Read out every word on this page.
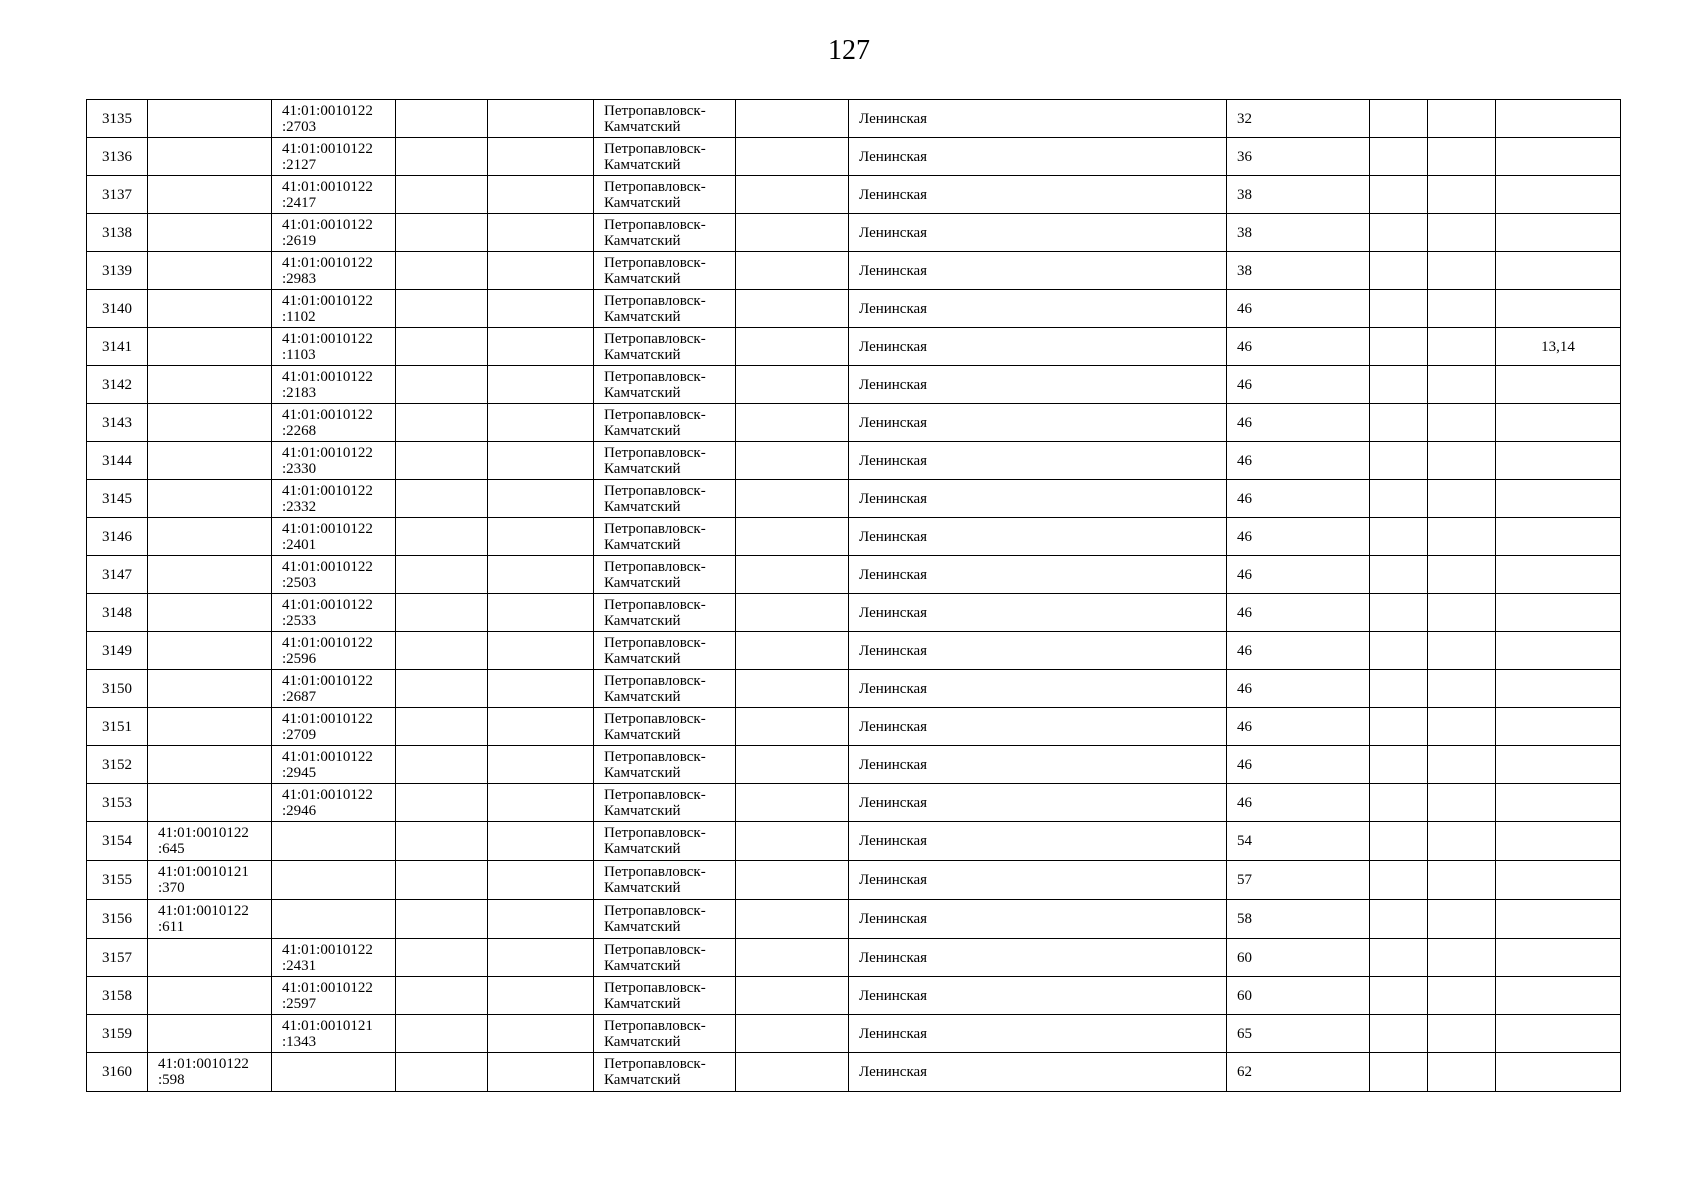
127
3135		41:01:0010122
:2703			Петропавловск-
Камчатский		Ленинская	32			
3136		41:01:0010122
:2127			Петропавловск-
Камчатский		Ленинская	36			
3137		41:01:0010122
:2417			Петропавловск-
Камчатский		Ленинская	38			
3138		41:01:0010122
:2619			Петропавловск-
Камчатский		Ленинская	38			
3139		41:01:0010122
:2983			Петропавловск-
Камчатский		Ленинская	38			
3140		41:01:0010122
:1102			Петропавловск-
Камчатский		Ленинская	46			
3141		41:01:0010122
:1103			Петропавловск-
Камчатский		Ленинская	46			13,14
3142		41:01:0010122
:2183			Петропавловск-
Камчатский		Ленинская	46			
3143		41:01:0010122
:2268			Петропавловск-
Камчатский		Ленинская	46			
3144		41:01:0010122
:2330			Петропавловск-
Камчатский		Ленинская	46			
3145		41:01:0010122
:2332			Петропавловск-
Камчатский		Ленинская	46			
3146		41:01:0010122
:2401			Петропавловск-
Камчатский		Ленинская	46			
3147		41:01:0010122
:2503			Петропавловск-
Камчатский		Ленинская	46			
3148		41:01:0010122
:2533			Петропавловск-
Камчатский		Ленинская	46			
3149		41:01:0010122
:2596			Петропавловск-
Камчатский		Ленинская	46			
3150		41:01:0010122
:2687			Петропавловск-
Камчатский		Ленинская	46			
3151		41:01:0010122
:2709			Петропавловск-
Камчатский		Ленинская	46			
3152		41:01:0010122
:2945			Петропавловск-
Камчатский		Ленинская	46			
3153		41:01:0010122
:2946			Петропавловск-
Камчатский		Ленинская	46			
3154	41:01:0010122
:645				Петропавловск-
Камчатский		Ленинская	54			
3155	41:01:0010121
:370				Петропавловск-
Камчатский		Ленинская	57			
3156	41:01:0010122
:611				Петропавловск-
Камчатский		Ленинская	58			
3157		41:01:0010122
:2431			Петропавловск-
Камчатский		Ленинская	60			
3158		41:01:0010122
:2597			Петропавловск-
Камчатский		Ленинская	60			
3159		41:01:0010121
:1343			Петропавловск-
Камчатский		Ленинская	65			
3160	41:01:0010122
:598				Петропавловск-
Камчатский		Ленинская	62			
